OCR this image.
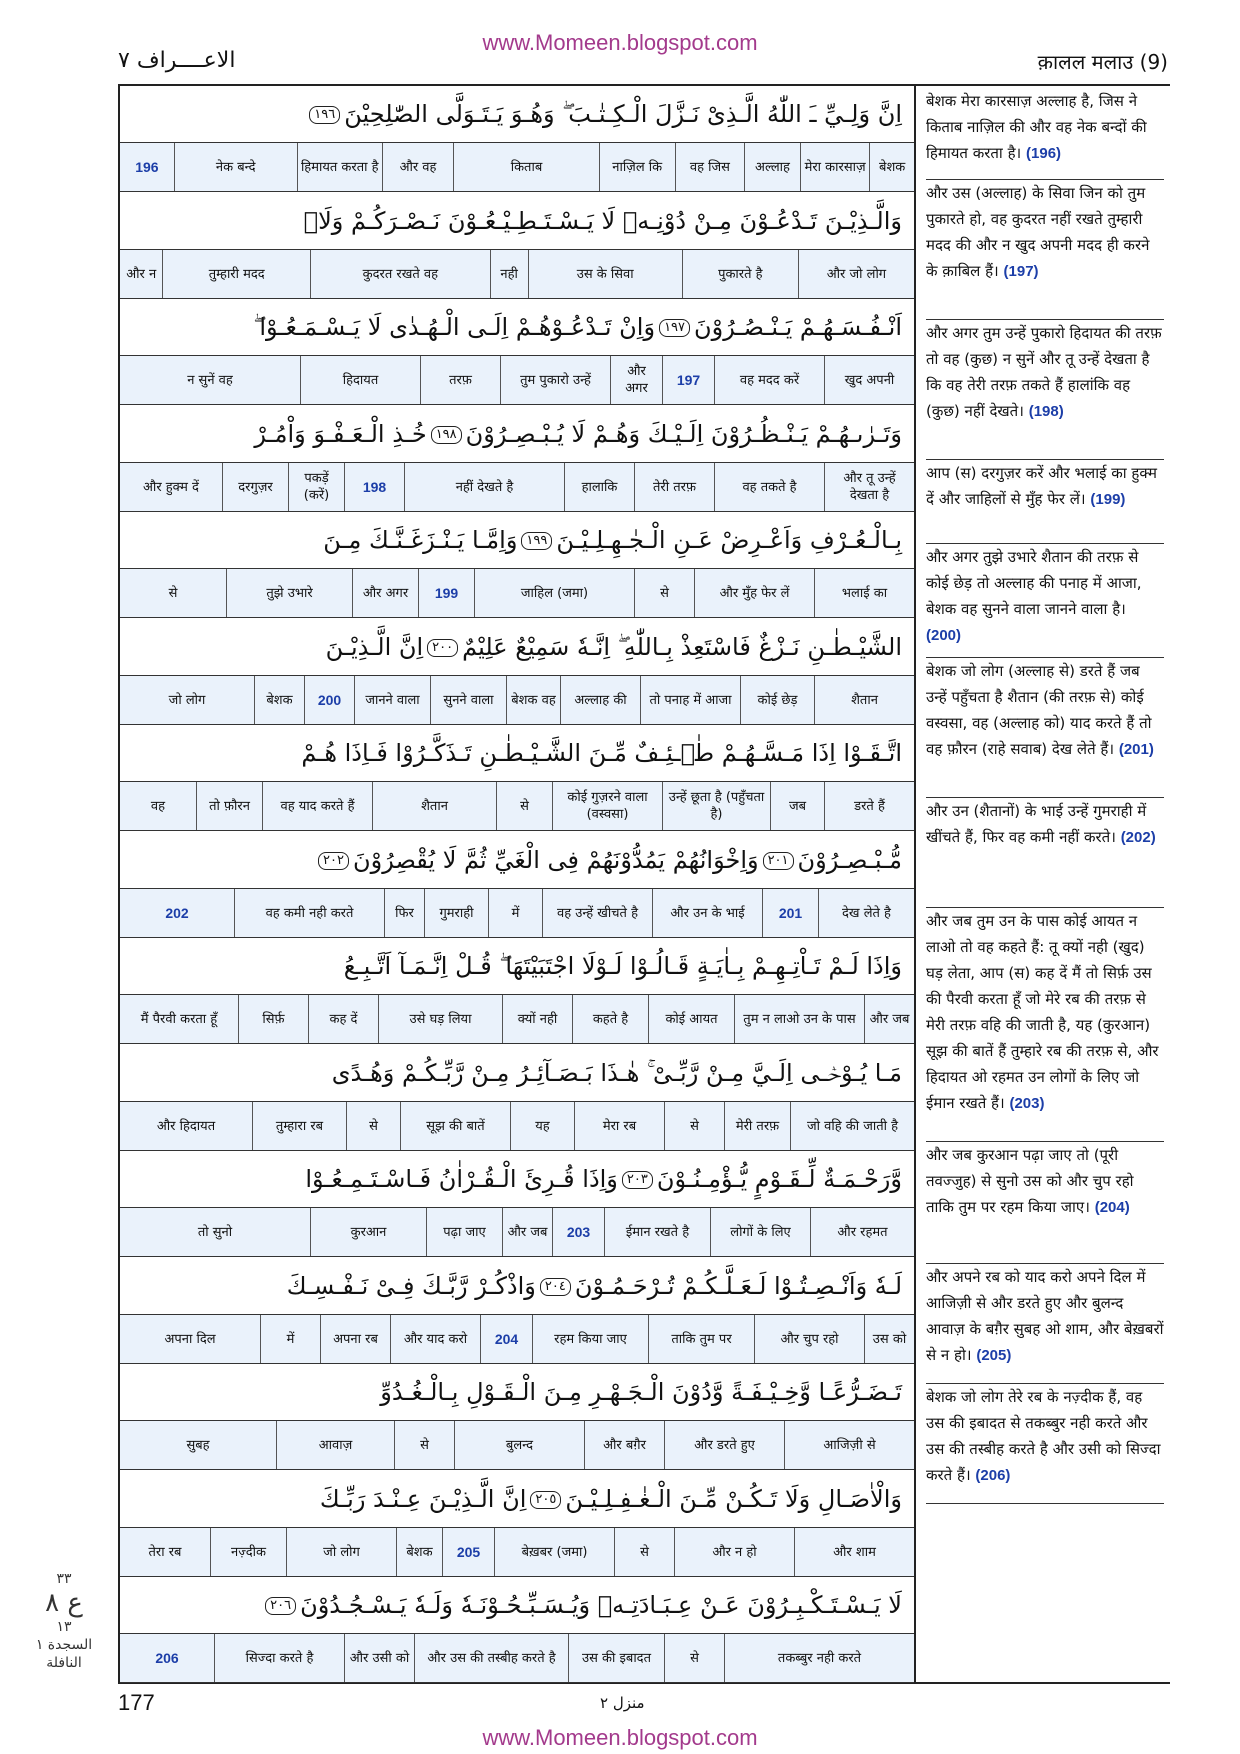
www.Momeen.blogspot.com
الاعــــراف ٧	क़ालल मलाउ (9)
اِنَّ وَلِـيِّ ـَ اللّٰهُ الَّـذِىْ نَـزَّلَ الْـكِـتٰـبَ ۖ وَهُـوَ يَـتَـوَلَّى الصّٰلِحِيْنَ١٩٦
बेशक
मेरा कारसाज़
अल्लाह
वह जिस
नाज़िल कि
किताब
और वह
हिमायत करता है
नेक बन्दे
196
وَالَّـذِيْـنَ تَـدْعُـوْنَ مِـنْ دُوْنِـهٖ لَا يَـسْـتَـطِـيْـعُـوْنَ نَـصْـرَكُـمْ وَلَاۤ
और जो लोग
पुकारते है
उस के सिवा
नही
कुदरत रखते वह
तुम्हारी मदद
और न
اَنْـفُـسَـهُـمْ يَـنْـصُـرُوْنَ١٩٧وَاِنْ تَـدْعُـوْهُـمْ اِلَـى الْـهُـدٰى لَا يَـسْـمَـعُـوْا ۖ
खुद अपनी
वह मदद करें
197
और अगर
तुम पुकारो उन्हें
तरफ़
हिदायत
न सुनें वह
وَتَـرٰىـهُـمْ يَـنْـظُـرُوْنَ اِلَـيْـكَ وَهُـمْ لَا يُـبْـصِـرُوْنَ١٩٨خُـذِ الْـعَـفْـوَ وَاْمُـرْ
और तू उन्हें देखता है
वह तकते है
तेरी तरफ़
हालाकि
नहीं देखते है
198
पकड़ें (करें)
दरगुज़र
और हुक्म दें
بِـالْـعُـرْفِ وَاَعْـرِضْ عَـنِ الْـجٰـهِـلِـيْـنَ١٩٩وَاِمَّـا يَـنْـزَغَـنَّـكَ مِـنَ
भलाई का
और मुँह फेर लें
से
जाहिल (जमा)
199
और अगर
तुझे उभारे
से
الشَّيْـطٰـنِ نَـزْغٌ فَاسْتَعِذْ بِـاللّٰهِ ۖ اِنَّـهٗ سَمِيْعٌ عَلِيْمٌ٢٠٠اِنَّ الَّـذِيْـنَ
शैतान
कोई छेड़
तो पनाह में आजा
अल्लाह की
बेशक वह
सुनने वाला
जानने वाला
200
बेशक
जो लोग
اتَّـقَـوْا اِذَا مَـسَّـهُـمْ طٰۤـئِـفٌ مِّـنَ الشَّـيْـطٰـنِ تَـذَكَّـرُوْا فَـاِذَا هُـمْ
डरते हैं
जब
उन्हें छूता है (पहुँचता है)
कोई गुज़रने वाला (वस्वसा)
से
शैतान
वह याद करते हैं
तो फ़ौरन
वह
مُّـبْـصِـرُوْنَ٢٠١وَاِخْوَانُهُمْ يَمُدُّوْنَهُمْ فِى الْغَيِّ ثُمَّ لَا يُقْصِرُوْنَ٢٠٢
देख लेते है
201
और उन के भाई
वह उन्हें खीचते है
में
गुमराही
फिर
वह कमी नही करते
202
وَاِذَا لَـمْ تَـاْتِـهِـمْ بِـاٰيَـةٍ قَـالُـوْا لَـوْلَا اجْتَبَيْتَهَا ۖ قُـلْ اِنَّـمَـآ اَتَّـبِـعُ
और जब
तुम न लाओ उन के पास
कोई आयत
कहते है
क्यों नही
उसे घड़ लिया
कह दें
सिर्फ़
मैं पैरवी करता हूँ
مَـا يُـوْحٰۤـى اِلَـيَّ مِـنْ رَّبِّـىْ ۚ هٰـذَا بَـصَـآئِـرُ مِـنْ رَّبِّـكُـمْ وَهُـدًى
जो वहि की जाती है
मेरी तरफ़
से
मेरा रब
यह
सूझ की बातें
से
तुम्हारा रब
और हिदायत
وَّرَحْـمَـةٌ لِّـقَـوْمٍ يُّـؤْمِـنُـوْنَ٢٠٣وَاِذَا قُـرِئَ الْـقُـرْاٰنُ فَـاسْـتَـمِـعُـوْا
और रहमत
लोगों के लिए
ईमान रखते है
203
और जब
पढ़ा जाए
कुरआन
तो सुनो
لَـهٗ وَاَنْـصِـتُـوْا لَـعَـلَّـكُـمْ تُـرْحَـمُـوْنَ٢٠٤وَاذْكُـرْ رَّبَّـكَ فِـىْ نَـفْـسِـكَ
उस को
और चुप रहो
ताकि तुम पर
रहम किया जाए
204
और याद करो
अपना रब
में
अपना दिल
تَـضَـرُّعًـا وَّخِـيْـفَـةً وَّدُوْنَ الْـجَـهْـرِ مِـنَ الْـقَـوْلِ بِـالْـغُـدُوِّ
आजिज़ी से
और डरते हुए
और बग़ैर
बुलन्द
से
आवाज़
सुबह
وَالْاٰصَـالِ وَلَا تَـكُـنْ مِّـنَ الْـغٰـفِـلِـيْـنَ٢٠٥اِنَّ الَّـذِيْـنَ عِـنْـدَ رَبِّـكَ
और शाम
और न हो
से
बेख़बर (जमा)
205
बेशक
जो लोग
नज़्दीक
तेरा रब
لَا يَـسْـتَـكْـبِـرُوْنَ عَـنْ عِـبَـادَتِـهٖ وَيُـسَـبِّـحُـوْنَـهٗ وَلَـهٗ يَـسْـجُـدُوْنَ٢٠٦
तकब्बुर नही करते
से
उस की इबादत
और उस की तस्बीह करते है
और उसी को
सिज्दा करते है
206
बेशक मेरा कारसाज़ अल्लाह है, जिस ने किताब नाज़िल की और वह नेक बन्दों की हिमायत करता है। (196)
और उस (अल्लाह) के सिवा जिन को तुम पुकारते हो, वह कुदरत नहीं रखते तुम्हारी मदद की और न खुद अपनी मदद ही करने के क़ाबिल हैं। (197)
और अगर तुम उन्हें पुकारो हिदायत की तरफ़ तो वह (कुछ) न सुनें और तू उन्हें देखता है कि वह तेरी तरफ़ तकते हैं हालांकि वह (कुछ) नहीं देखते। (198)
आप (स) दरगुज़र करें और भलाई का हुक्म दें और जाहिलों से मुँह फेर लें। (199)
और अगर तुझे उभारे शैतान की तरफ़ से कोई छेड़ तो अल्लाह की पनाह में आजा, बेशक वह सुनने वाला जानने वाला है। (200)
बेशक जो लोग (अल्लाह से) डरते हैं जब उन्हें पहुँचता है शैतान (की तरफ़ से) कोई वस्वसा, वह (अल्लाह को) याद करते हैं तो वह फ़ौरन (राहे सवाब) देख लेते हैं। (201)
और उन (शैतानों) के भाई उन्हें गुमराही में खींचते हैं, फिर वह कमी नहीं करते। (202)
और जब तुम उन के पास कोई आयत न लाओ तो वह कहते हैं: तू क्यों नही (खुद) घड़ लेता, आप (स) कह दें मैं तो सिर्फ़ उस की पैरवी करता हूँ जो मेरे रब की तरफ़ से मेरी तरफ़ वहि की जाती है, यह (कुरआन) सूझ की बातें हैं तुम्हारे रब की तरफ़ से, और हिदायत ओ रहमत उन लोगों के लिए जो ईमान रखते हैं। (203)
और जब कुरआन पढ़ा जाए तो (पूरी तवज्जुह) से सुनो उस को और चुप रहो ताकि तुम पर रहम किया जाए। (204)
और अपने रब को याद करो अपने दिल में आजिज़ी से और डरते हुए और बुलन्द आवाज़ के बग़ैर सुबह ओ शाम, और बेख़बरों से न हो। (205)
बेशक जो लोग तेरे रब के नज़्दीक हैं, वह उस की इबादत से तकब्बुर नही करते और उस की तस्बीह करते है और उसी को सिज्दा करते हैं। (206)
٣٣
ع ٨
١٣
السجدة ١
النافلة
177	منزل ٢
www.Momeen.blogspot.com
